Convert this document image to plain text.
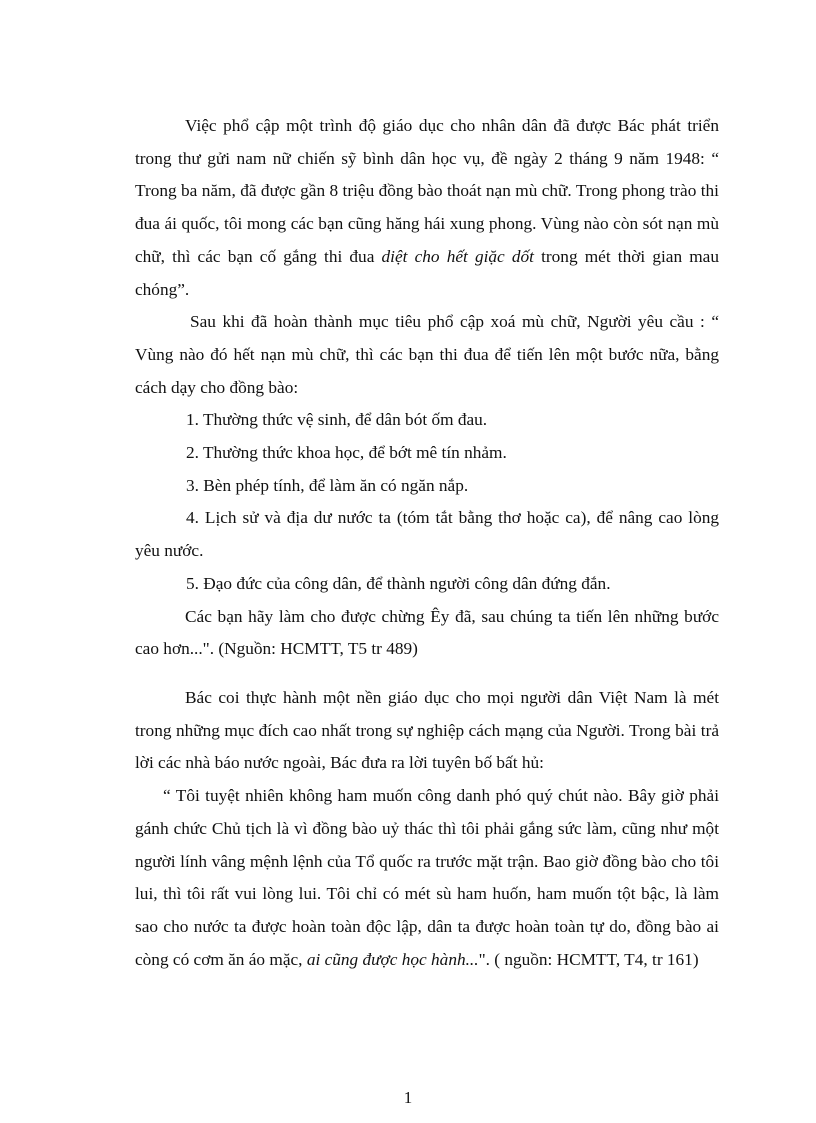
Việc phổ cập một trình độ giáo dục cho nhân dân đã được Bác phát triển trong thư gửi nam nữ chiến sỹ bình dân học vụ, đề ngày 2 tháng 9 năm 1948: “ Trong ba năm, đã được gần 8 triệu đồng bào thoát nạn mù chữ. Trong phong trào thi đua ái quốc, tôi mong các bạn cũng hăng hái xung phong. Vùng nào còn sót nạn mù chữ, thì các bạn cố gắng thi đua diệt cho hết giặc dốt trong mét thời gian mau chóng”.

Sau khi đã hoàn thành mục tiêu phổ cập xoá mù chữ, Người yêu cầu : “ Vùng nào đó hết nạn mù chữ, thì các bạn thi đua để tiến lên một bước nữa, bằng cách dạy cho đồng bào:

1. Thường thức vệ sinh, để dân bót ốm đau.

2. Thường thức khoa học, để bớt mê tín nhảm.

3. Bèn phép tính, để làm ăn có ngăn nắp.

4. Lịch sử và địa dư nước ta (tóm tắt bằng thơ hoặc ca), để nâng cao lòng yêu nước.

5. Đạo đức của công dân, để thành người công dân đứng đắn.

Các bạn hãy làm cho được chừng Êy đã, sau chúng ta tiến lên những bước cao hơn...". (Nguồn: HCMTT, T5 tr 489)

Bác coi thực hành một nền giáo dục cho mọi người dân Việt Nam là mét trong những mục đích cao nhất trong sự nghiệp cách mạng của Người. Trong bài trả lời các nhà báo nước ngoài, Bác đưa ra lời tuyên bố bất hủ:

“ Tôi tuyệt nhiên không ham muốn công danh phó quý chút nào. Bây giờ phải gánh chức Chủ tịch là vì đồng bào uỷ thác thì tôi phải gắng sức làm, cũng như một người lính vâng mệnh lệnh của Tổ quốc ra trước mặt trận. Bao giờ đồng bào cho tôi lui, thì tôi rất vui lòng lui. Tôi chỉ có mét sù ham huốn, ham muốn tột bậc, là làm sao cho nước ta được hoàn toàn độc lập, dân ta được hoàn toàn tự do, đồng bào ai còng có cơm ăn áo mặc, ai cũng được học hành...". ( nguồn: HCMTT, T4, tr 161)

1
